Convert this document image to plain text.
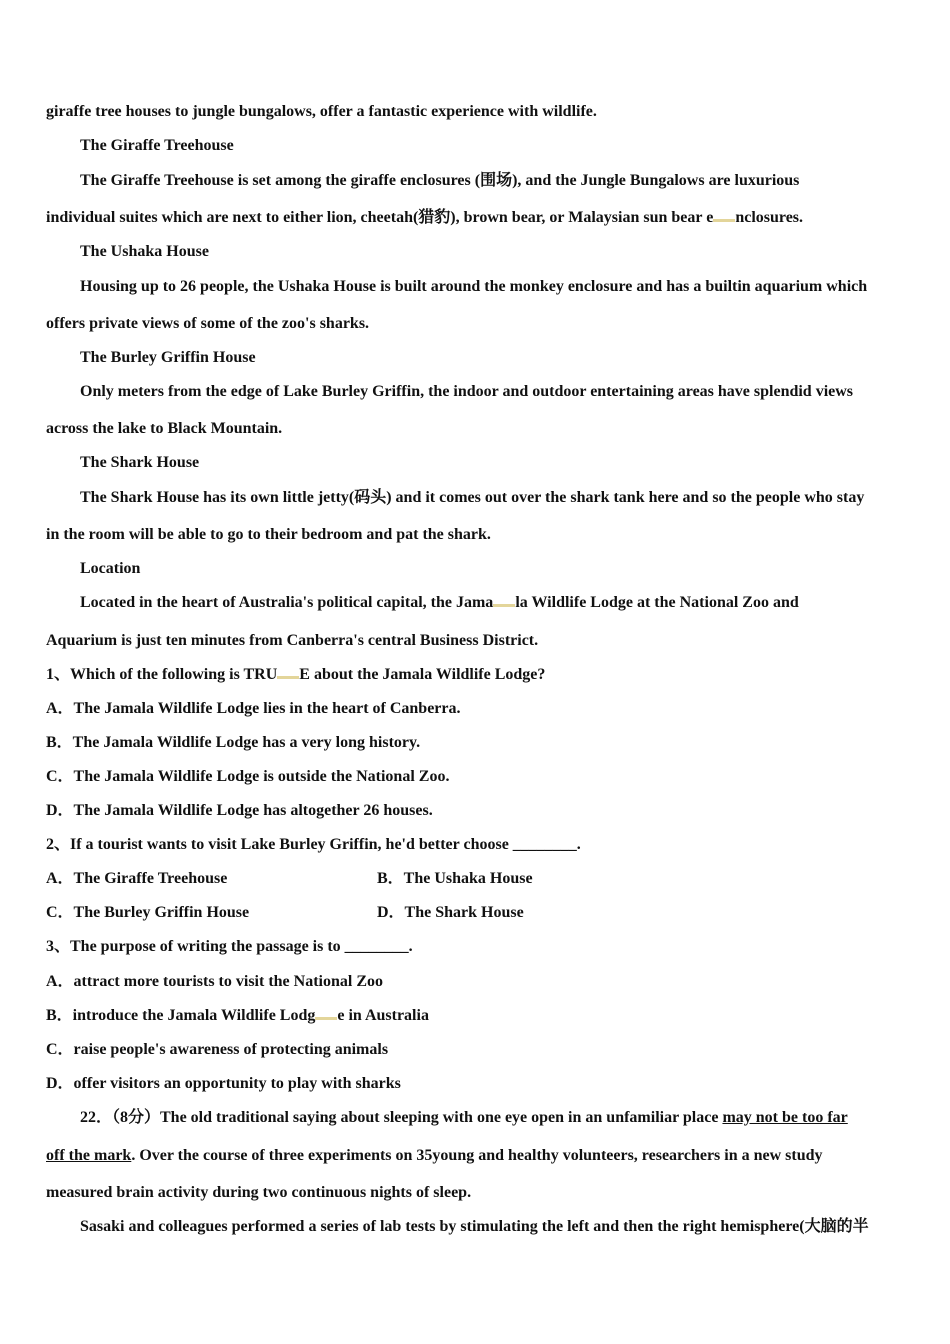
giraffe tree houses to jungle bungalows, offer a fantastic experience with wildlife.
The Giraffe Treehouse
The Giraffe Treehouse is set among the giraffe enclosures (围场), and the Jungle Bungalows are luxurious
individual suites which are next to either lion, cheetah(猎豹), brown bear, or Malaysian sun bear e nclosures.
The Ushaka House
Housing up to 26 people, the Ushaka House is built around the monkey enclosure and has a builtin aquarium which
offers private views of some of the zoo's sharks.
The Burley Griffin House
Only meters from the edge of Lake Burley Griffin, the indoor and outdoor entertaining areas have splendid views
across the lake to Black Mountain.
The Shark House
The Shark House has its own little jetty(码头) and it comes out over the shark tank here and so the people who stay
in the room will be able to go to their bedroom and pat the shark.
Location
Located in the heart of Australia's political capital, the Jama la Wildlife Lodge at the National Zoo and
Aquarium is just ten minutes from Canberra's central Business District.
1、Which of the following is TRU E about the Jamala Wildlife Lodge?
A．The Jamala Wildlife Lodge lies in the heart of Canberra.
B．The Jamala Wildlife Lodge has a very long history.
C．The Jamala Wildlife Lodge is outside the National Zoo.
D．The Jamala Wildlife Lodge has altogether 26 houses.
2、If a tourist wants to visit Lake Burley Griffin, he'd better choose ________.
A．The Giraffe Treehouse	B．The Ushaka House
C．The Burley Griffin House	D．The Shark House
3、The purpose of writing the passage is to ________.
A．attract more tourists to visit the National Zoo
B．introduce the Jamala Wildlife Lodg e in Australia
C．raise people's awareness of protecting animals
D．offer visitors an opportunity to play with sharks
22．（8分）The old traditional saying about sleeping with one eye open in an unfamiliar place may not be too far
off the mark. Over the course of three experiments on 35young and healthy volunteers, researchers in a new study
measured brain activity during two continuous nights of sleep.
Sasaki and colleagues performed a series of lab tests by stimulating the left and then the right hemisphere(大脑的半
